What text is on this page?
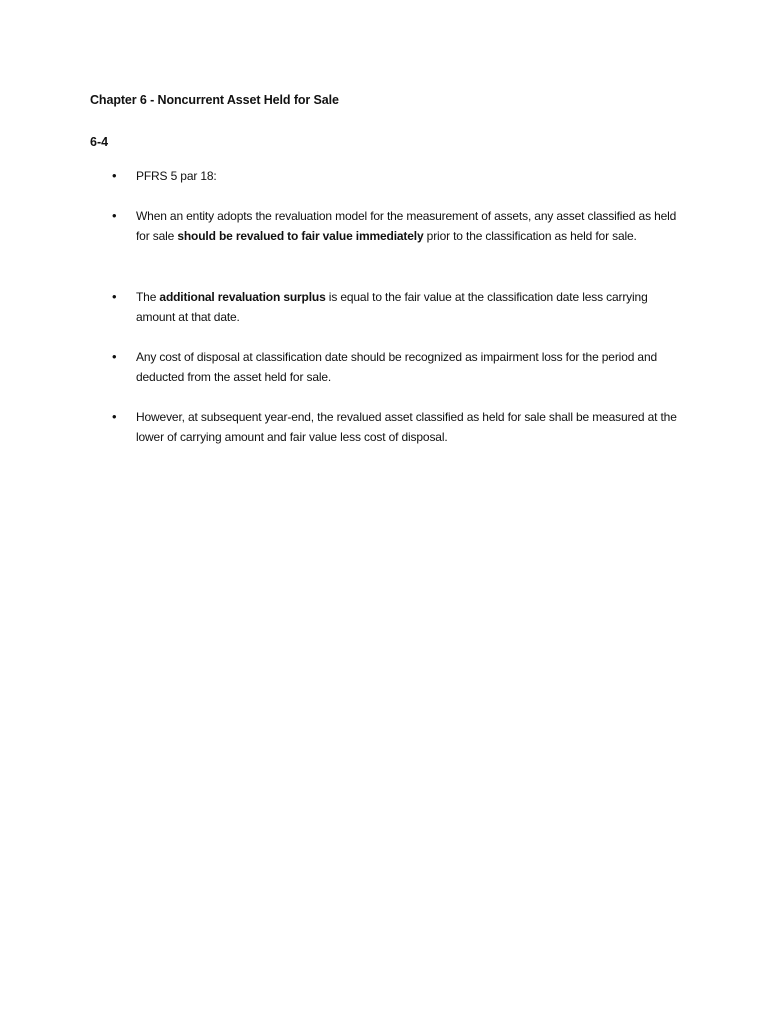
Chapter 6 - Noncurrent Asset Held for Sale
6-4
• PFRS 5 par 18:
• When an entity adopts the revaluation model for the measurement of assets, any asset classified as held for sale should be revalued to fair value immediately prior to the classification as held for sale.
• The additional revaluation surplus is equal to the fair value at the classification date less carrying amount at that date.
• Any cost of disposal at classification date should be recognized as impairment loss for the period and deducted from the asset held for sale.
• However, at subsequent year-end, the revalued asset classified as held for sale shall be measured at the lower of carrying amount and fair value less cost of disposal.
